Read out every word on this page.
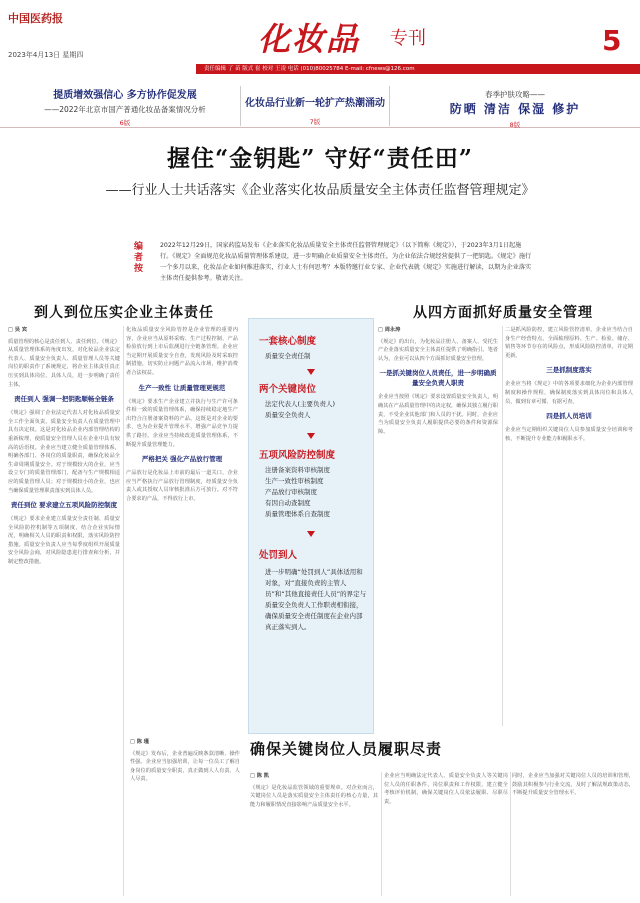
中国医药报
2023年4月13日 星期四	化妆品 专刊	5
责任编辑 了 苗 版式 崔 校对 王凌 电话 (010)80025784 E-mail: cfnews@126.com
提质增效强信心 多方协作促发展
——2022年北京市国产普通化妆品备案情况分析
6版
化妆品行业新一轮扩产热潮涌动
7版
春季护肤攻略——
防晒 清洁 保湿 修护
8版
握住“金钥匙” 守好“责任田”
——行业人士共话落实《企业落实化妆品质量安全主体责任监督管理规定》
编者按
2022年12月29日，国家药监局发布《企业落实化妆品质量安全主体责任监督管理规定》（以下简称《规定》），于2023年3月1日起施行。《规定》全面规范化妆品质量管理体系建设，进一步明确企业质量安全主体责任，为企业依法合规经营提供了一把钥匙。《规定》施行一个多月以来，化妆品企业如何推进落实，行业人士有何思考？本版特邀行业专家、企业代表就《规定》实施进行解读，以期为企业落实主体责任提供参考。敬请关注。
到人到位压实企业主体责任	从四方面抓好质量安全管理
确保关键岗位人员履职尽责
□ 吴 宾

质量管理的核心是责任到人、责任到位。《规定》从质量管理体系的角度出发，对化妆品企业法定代表人、质量安全负责人、质量管理人员等关键岗位的职责作了系统规定，将企业主体责任真正压实到具体岗位、具体人员，进一步明确了责任主体。

责任到人 强调一把钥匙顺畅全链条

《规定》强调了企业法定代表人对化妆品质量安全工作全面负责，质量安全负责人在质量管理中具有决定权。这是对化妆品企业内部管理结构的重新梳理，使质量安全管理人员在企业中具有较高的话语权。企业应当建立健全质量管理体系，明确各部门、各岗位的质量职责，确保化妆品全生命周期质量安全。对于规模较大的企业，应当设立专门的质量管理部门，配备与生产规模相适应的质量管理人员；对于规模较小的企业，也应当确保质量管理职责落实到具体人员。

责任到位 要求建立五项风险防控制度

《规定》要求企业建立质量安全责任制、质量安全风险防控机制等五项制度，结合企业实际情况，明确相关人员的职责和权限，落实风险防控措施。质量安全负责人应当每季度组织开展质量安全风险会商，对风险隐患进行排查和分析，并制定整改措施。

化妆品质量安全风险管控是企业管理的重要内容，企业应当从原料采购、生产过程控制、产品检验放行到上市后监测进行全链条管理。企业应当定期开展质量安全自查，发现风险及时采取控制措施，切实防止问题产品流入市场，维护消费者合法权益。

生产一致性 让质量管理更规范

《规定》要求生产企业建立并执行与生产许可条件相一致的质量管理体系，确保持续稳定地生产出符合注册备案资料的产品。这既是对企业的要求，也为企业提升管理水平、增强产品竞争力提供了路径。企业应当持续改进质量管理体系，不断提升质量管理能力。

严格把关 强化产品放行管理

产品放行是化妆品上市前的最后一道关口，企业应当严格执行产品放行管理制度，经质量安全负责人或其授权人员审核批准后方可放行。对不符合要求的产品，不得放行上市。

□ 陈 瑾

《规定》发布后，企业普遍反映条款清晰、操作性强。企业应当加强培训，让每一位员工了解自身岗位的质量安全职责，真正做到人人有责、人人尽责。

一套核心制度
质量安全责任制
两个关键岗位
法定代表人(主要负责人)
质量安全负责人
五项风险防控制度
注册备案资料审核制度
生产一致性审核制度
产品放行审核制度
有因自动查制度
质量管理体系自查制度
处罚到人
进一步明确“处罚到人”具体适用和对象，对“直接负责的主管人员”和“其他直接责任人员”的界定与质量安全负责人工作职责相衔接，确保质量安全责任制度在企业内部真正落实到人。
□ 周永涛

《规定》的出台，为化妆品注册人、备案人、受托生产企业落实质量安全主体责任提供了明确指引。笔者认为，企业可以从四个方面抓好质量安全管理。

一是抓关键岗位人员责任，进一步明确质量安全负责人职责

企业应当按照《规定》要求设置质量安全负责人，明确其在产品质量管理中的决定权，确保其独立履行职责，不受企业其他部门和人员的干扰。同时，企业应当为质量安全负责人履职提供必要的条件和资源保障。

二是抓风险防控，建立风险管控清单。企业应当结合自身生产经营特点，全面梳理原料、生产、检验、储存、销售等环节存在的风险点，形成风险防控清单，并定期更新。

三是抓制度落实

企业应当将《规定》中的各项要求细化为企业内部管理制度和操作规程，确保制度落实到具体岗位和具体人员，做到有章可循、有据可查。

四是抓人员培训

企业应当定期组织关键岗位人员参加质量安全培训和考核，不断提升专业能力和履职水平。

□ 陈 凯

《规定》是化妆品监管领域的重要规章。对企业而言，关键岗位人员是落实质量安全主体责任的核心力量，其能力和履职情况直接影响产品质量安全水平。

企业应当明确法定代表人、质量安全负责人等关键岗位人员的任职条件、岗位职责和工作权限，建立健全考核评价机制，确保关键岗位人员依法履职、尽职尽责。

同时，企业应当加强对关键岗位人员的培训和管理，鼓励其积极参与行业交流，及时了解法规政策动态，不断提升质量安全管理水平。
